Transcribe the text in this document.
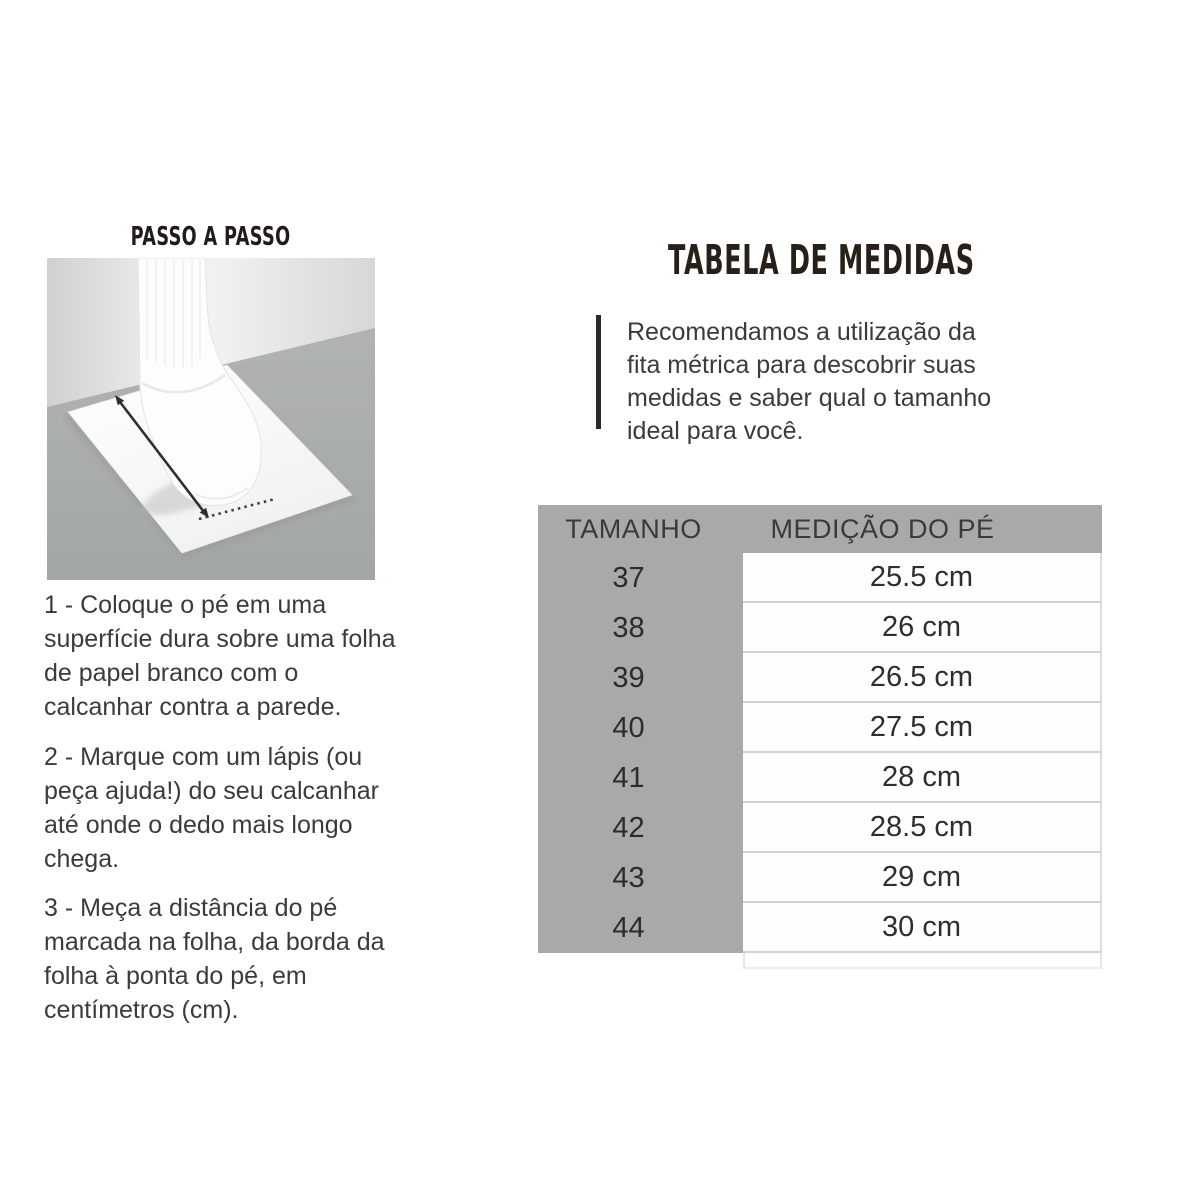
PASSO A PASSO
1 - Coloque o pé em uma
superfície dura sobre uma folha
de papel branco com o
calcanhar contra a parede.
2 - Marque com um lápis (ou
peça ajuda!) do seu calcanhar
até onde o dedo mais longo
chega.
3 - Meça a distância do pé
marcada na folha, da borda da
folha à ponta do pé, em
centímetros (cm).
TABELA DE MEDIDAS
Recomendamos a utilização da
fita métrica para descobrir suas
medidas e saber qual o tamanho
ideal para você.
TAMANHO	MEDIÇÃO DO PÉ
37	25.5 cm
38	26 cm
39	26.5 cm
40	27.5 cm
41	28 cm
42	28.5 cm
43	29 cm
44	30 cm
